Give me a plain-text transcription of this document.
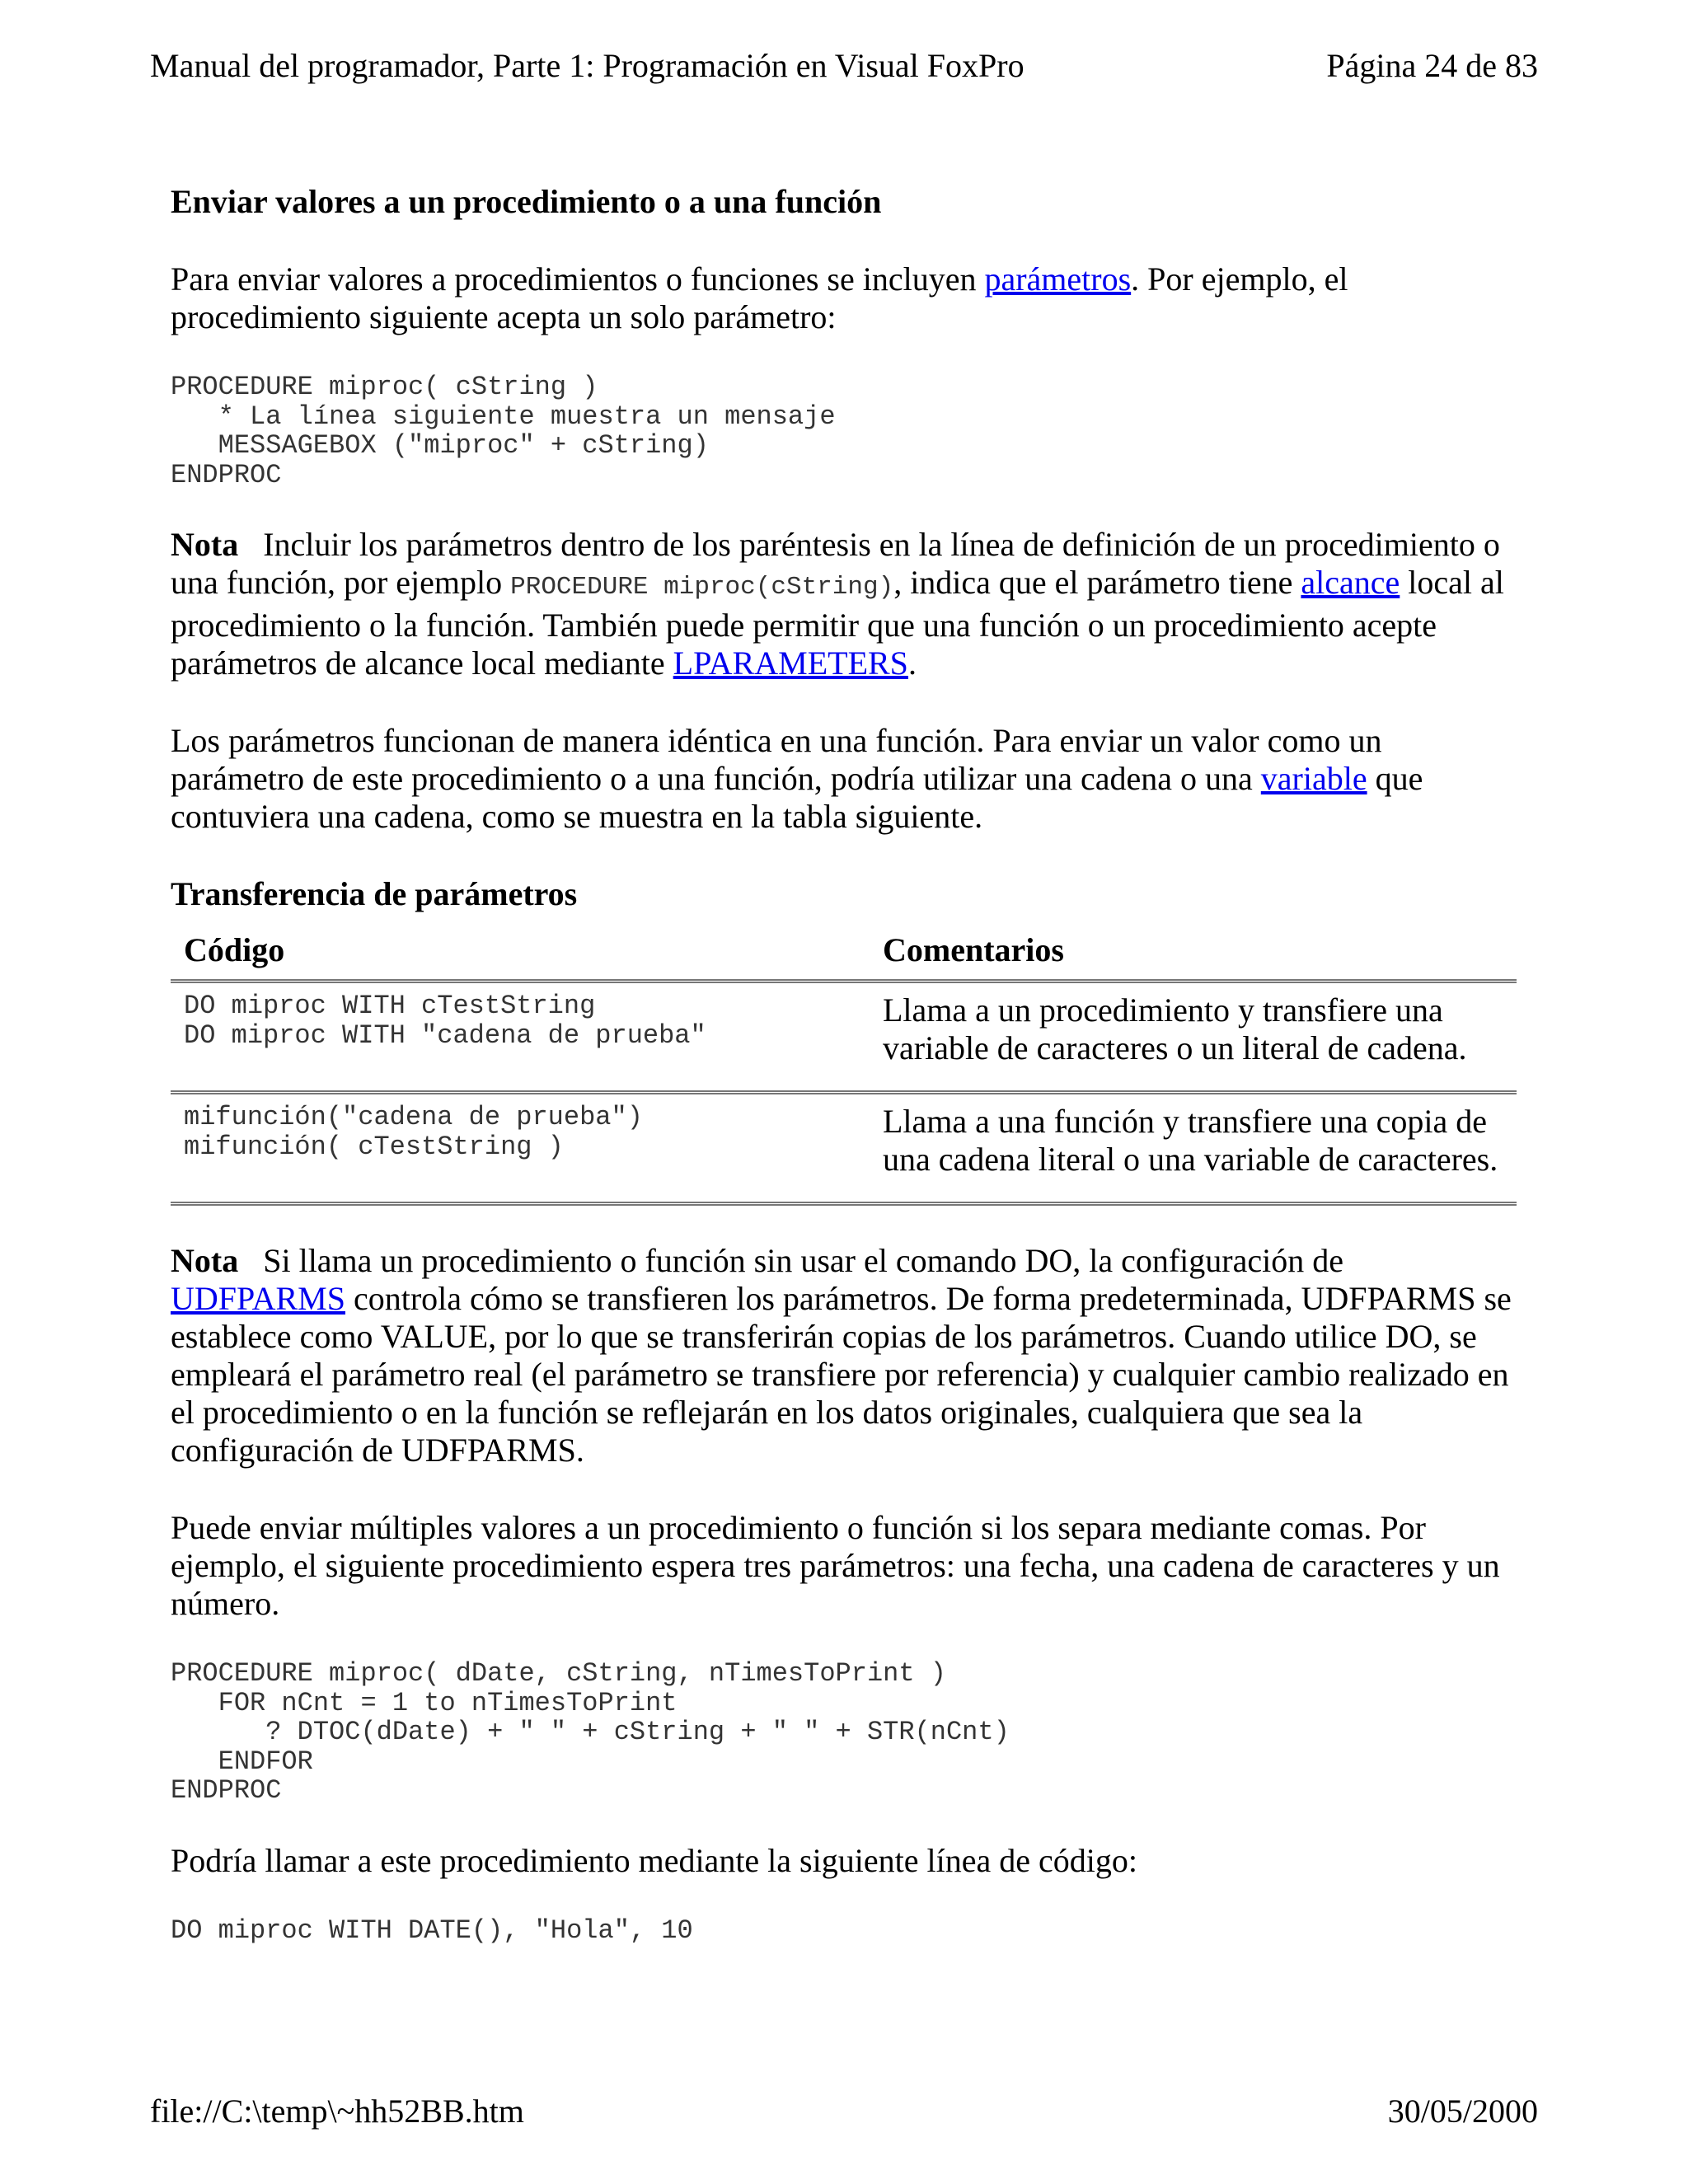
Manual del programador, Parte 1: Programación en Visual FoxPro	Página 24 de 83
Enviar valores a un procedimiento o a una función

Para enviar valores a procedimientos o funciones se incluyen parámetros. Por ejemplo, el procedimiento siguiente acepta un solo parámetro:

PROCEDURE miproc( cString )
* La línea siguiente muestra un mensaje
MESSAGEBOX ("miproc" + cString)
ENDPROC

Nota   Incluir los parámetros dentro de los paréntesis en la línea de definición de un procedimiento o una función, por ejemplo PROCEDURE miproc(cString), indica que el parámetro tiene alcance local al procedimiento o la función. También puede permitir que una función o un procedimiento acepte parámetros de alcance local mediante LPARAMETERS.

Los parámetros funcionan de manera idéntica en una función. Para enviar un valor como un parámetro de este procedimiento o a una función, podría utilizar una cadena o una variable que contuviera una cadena, como se muestra en la tabla siguiente.

Transferencia de parámetros
Código	Comentarios

DO miproc WITH cTestString
DO miproc WITH "cadena de prueba"	Llama a un procedimiento y transfiere una variable de caracteres o un literal de cadena.

mifunción("cadena de prueba")
mifunción( cTestString )	Llama a una función y transfiere una copia de una cadena literal o una variable de caracteres.

Nota   Si llama un procedimiento o función sin usar el comando DO, la configuración de UDFPARMS controla cómo se transfieren los parámetros. De forma predeterminada, UDFPARMS se establece como VALUE, por lo que se transferirán copias de los parámetros. Cuando utilice DO, se empleará el parámetro real (el parámetro se transfiere por referencia) y cualquier cambio realizado en el procedimiento o en la función se reflejarán en los datos originales, cualquiera que sea la configuración de UDFPARMS.

Puede enviar múltiples valores a un procedimiento o función si los separa mediante comas. Por ejemplo, el siguiente procedimiento espera tres parámetros: una fecha, una cadena de caracteres y un número.

PROCEDURE miproc( dDate, cString, nTimesToPrint )
FOR nCnt = 1 to nTimesToPrint
? DTOC(dDate) + " " + cString + " " + STR(nCnt)
ENDFOR
ENDPROC

Podría llamar a este procedimiento mediante la siguiente línea de código:

DO miproc WITH DATE(), "Hola", 10
file://C:\temp\~hh52BB.htm	30/05/2000
